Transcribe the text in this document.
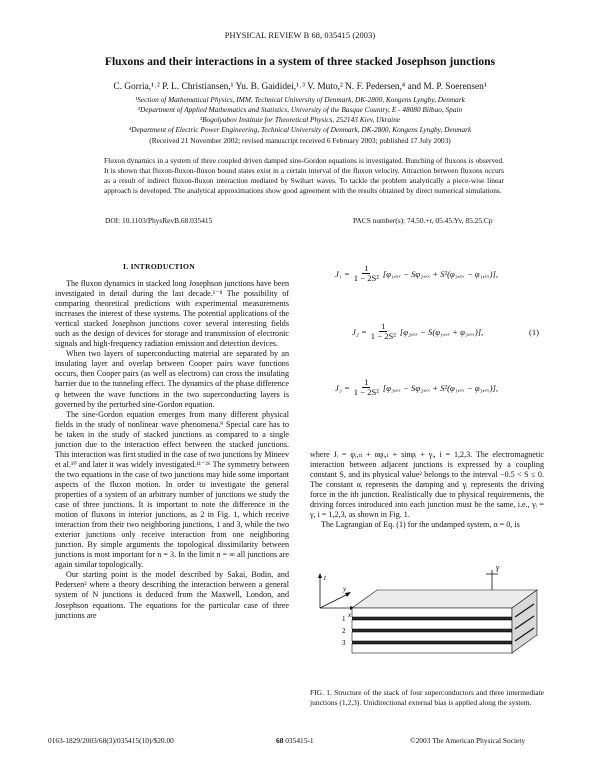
PHYSICAL REVIEW B 68, 035415 (2003)
Fluxons and their interactions in a system of three stacked Josephson junctions
C. Gorria,¹˒² P. L. Christiansen,¹ Yu. B. Gaididei,¹˒³ V. Muto,² N. F. Pedersen,⁴ and M. P. Soerensen¹
¹Section of Mathematical Physics, IMM, Technical University of Denmark, DK-2800, Kongens Lyngby, Denmark
²Department of Applied Mathematics and Statistics, University of the Basque Country, E - 48080 Bilbao, Spain
³Bogolyubov Institute for Theoretical Physics, 252143 Kiev, Ukraine
⁴Department of Electric Power Engineering, Technical University of Denmark, DK-2800, Kongens Lyngby, Denmark
(Received 21 November 2002; revised manuscript received 6 February 2003; published 17 July 2003)
Fluxon dynamics in a system of three coupled driven damped sine-Gordon equations is investigated. Bunching of fluxons is observed. It is shown that fluxon-fluxon-fluxon bound states exist in a certain interval of the fluxon velocity. Attraction between fluxons occurs as a result of indirect fluxon-fluxon interaction mediated by Swihart waves. To tackle the problem analytically a piece-wise linear approach is developed. The analytical approximations show good agreement with the results obtained by direct numerical simulations.
DOI: 10.1103/PhysRevB.68.035415	PACS number(s): 74.50.+r, 05.45.Yv, 85.25.Cp
I. INTRODUCTION

The fluxon dynamics in stacked long Josephson junctions have been investigated in detail during the last decade.¹⁻⁸ The possibility of comparing theoretical predictions with experimental measurements increases the interest of these systems. The potential applications of the vertical stacked Josephson junctions cover several interesting fields such as the design of devices for storage and transmission of electronic signals and high-frequency radiation emission and detection devices.

When two layers of superconducting material are separated by an insulating layer and overlap between Cooper pairs wave functions occurs, then Cooper pairs (as well as electrons) can cross the insulating barrier due to the tunneling effect. The dynamics of the phase difference φ between the wave functions in the two superconducting layers is governed by the perturbed sine-Gordon equation.

The sine-Gordon equation emerges from many different physical fields in the study of nonlinear wave phenomena.⁹ Special care has to be taken in the study of stacked junctions as compared to a single junction due to the interaction effect between the stacked junctions. This interaction was first studied in the case of two junctions by Mineev et al.¹⁰ and later it was widely investigated.¹¹⁻²⁶ The symmetry between the two equations in the case of two junctions may hide some important aspects of the fluxon motion. In order to investigate the general properties of a system of an arbitrary number of junctions we study the case of three junctions. It is important to note the difference in the motion of fluxons in interior junctions, as 2 in Fig. 1, which receive interaction from their two neighboring junctions, 1 and 3, while the two exterior junctions only receive interaction from one neighboring junction. By simple arguments the topological dissimilarity between junctions is most important for n = 3. In the limit n = ∞ all junctions are again similar topologically.

Our starting point is the model described by Sakai, Bodin, and Pedersen² where a theory describing the interaction between a general system of N junctions is deduced from the Maxwell, London, and Josephson equations. The equations for the particular case of three junctions are

$J_1 = \frac{1}{\text{1 − 2S²}} [\varphi_1,_{xx} - S\varphi_2,_{xx} + S^2(\varphi_3,_{xx} - \varphi_1,_{xx})]$,
$J_2 = \frac{1}{\text{1 − 2S²}} [\varphi_2,_{xx} - S(\varphi_1,_{xx} + \varphi_3,_{xx})]$,	(1)
$J_3 = \frac{1}{\text{1 − 2S²}} [\varphi_3,_{xx} - S\varphi_2,_{xx} + S^2(\varphi_1,_{xx} - \varphi_3,_{xx})]$,

where Jᵢ = φᵢ,ₜₜ + αφᵢ,ₜ + sinφᵢ + γᵢ, i = 1,2,3. The electromagnetic interaction between adjacent junctions is expressed by a coupling constant S, and its physical value² belongs to the interval −0.5 < S ≤ 0. The constant αᵢ represents the damping and γᵢ represents the driving force in the ith junction. Realistically due to physical requirements, the driving forces introduced into each junction must be the same, i.e., γᵢ = γ, i = 1,2,3, as shown in Fig. 1.

The Lagrangian of Eq. (1) for the undamped system, α = 0, is

t
y
x
γ
1
2
3
FIG. 1. Structure of the stack of four superconductors and three intermediate junctions (1,2,3). Unidirectional external bias is applied along the system.
0163-1829/2003/68(3)/035415(10)/$20.00	68 035415-1	©2003 The American Physical Society
